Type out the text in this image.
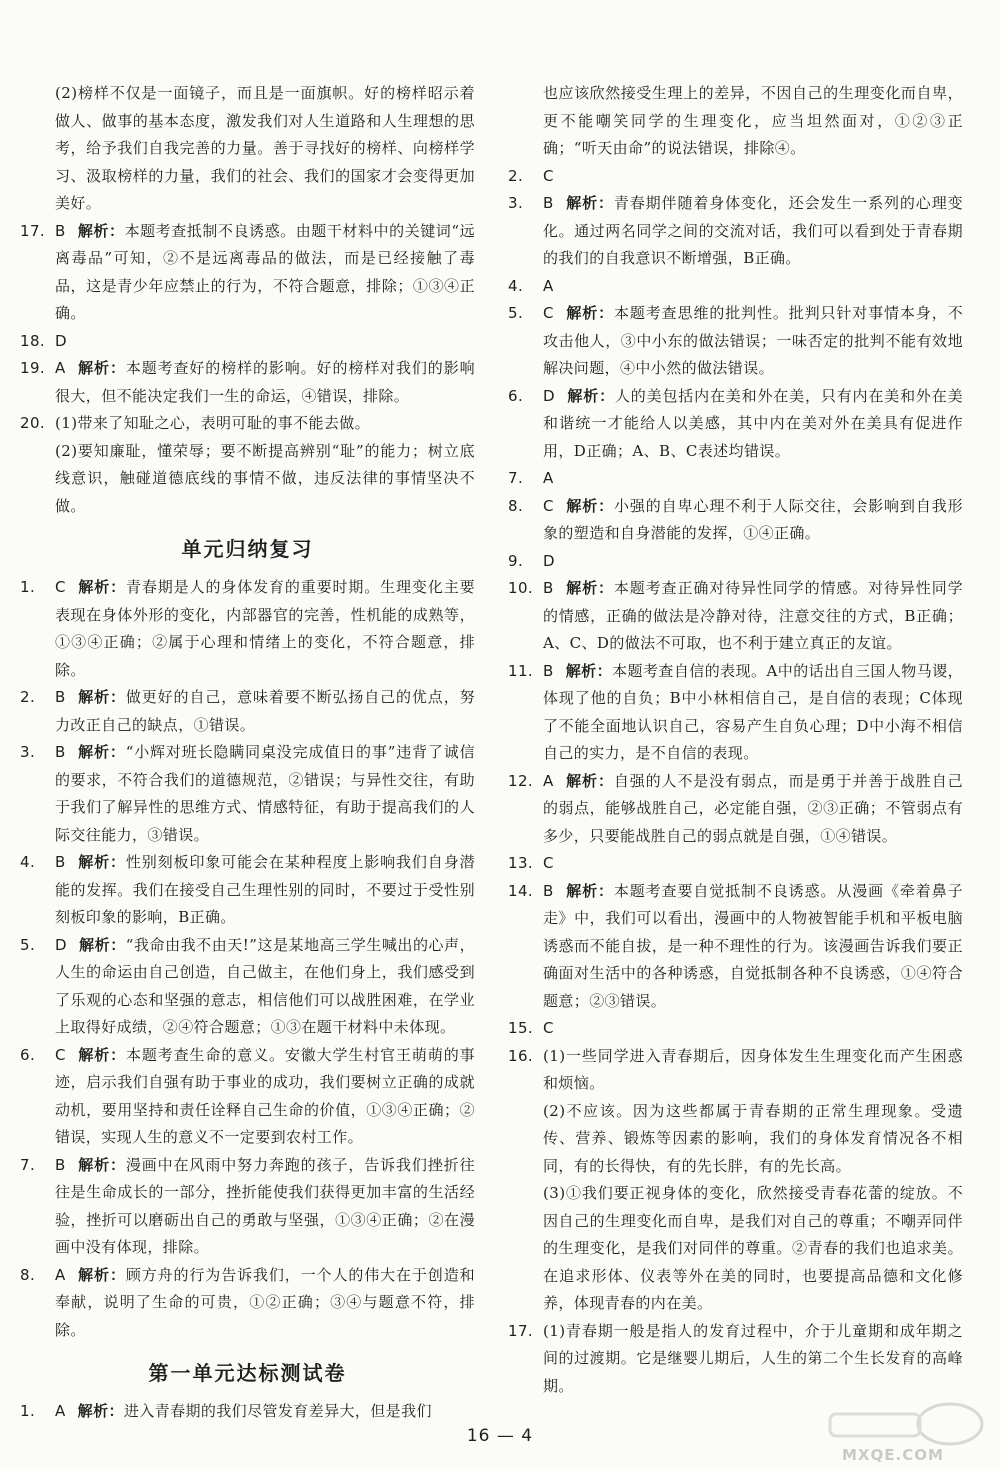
(2)榜样不仅是一面镜子，而且是一面旗帜。好的榜样昭示着做人、做事的基本态度，激发我们对人生道路和人生理想的思考，给予我们自我完善的力量。善于寻找好的榜样、向榜样学习、汲取榜样的力量，我们的社会、我们的国家才会变得更加美好。

17. B 解析：本题考查抵制不良诱惑。由题干材料中的关键词“远离毒品”可知，②不是远离毒品的做法，而是已经接触了毒品，这是青少年应禁止的行为，不符合题意，排除；①③④正确。

18. D

19. A 解析：本题考查好的榜样的影响。好的榜样对我们的影响很大，但不能决定我们一生的命运，④错误，排除。

20. (1)带来了知耻之心，表明可耻的事不能去做。

(2)要知廉耻，懂荣辱；要不断提高辨别“耻”的能力；树立底线意识，触碰道德底线的事情不做，违反法律的事情坚决不做。

单元归纳复习

1. C 解析：青春期是人的身体发育的重要时期。生理变化主要表现在身体外形的变化，内部器官的完善，性机能的成熟等，①③④正确；②属于心理和情绪上的变化，不符合题意，排除。

2. B 解析：做更好的自己，意味着要不断弘扬自己的优点，努力改正自己的缺点，①错误。

3. B 解析：“小辉对班长隐瞒同桌没完成值日的事”违背了诚信的要求，不符合我们的道德规范，②错误；与异性交往，有助于我们了解异性的思维方式、情感特征，有助于提高我们的人际交往能力，③错误。

4. B 解析：性别刻板印象可能会在某种程度上影响我们自身潜能的发挥。我们在接受自己生理性别的同时，不要过于受性别刻板印象的影响，B正确。

5. D 解析：“我命由我不由天!”这是某地高三学生喊出的心声，人生的命运由自己创造，自己做主，在他们身上，我们感受到了乐观的心态和坚强的意志，相信他们可以战胜困难，在学业上取得好成绩，②④符合题意；①③在题干材料中未体现。

6. C 解析：本题考查生命的意义。安徽大学生村官王萌萌的事迹，启示我们自强有助于事业的成功，我们要树立正确的成就动机，要用坚持和责任诠释自己生命的价值，①③④正确；②错误，实现人生的意义不一定要到农村工作。

7. B 解析：漫画中在风雨中努力奔跑的孩子，告诉我们挫折往往是生命成长的一部分，挫折能使我们获得更加丰富的生活经验，挫折可以磨砺出自己的勇敢与坚强，①③④正确；②在漫画中没有体现，排除。

8. A 解析：顾方舟的行为告诉我们，一个人的伟大在于创造和奉献，说明了生命的可贵，①②正确；③④与题意不符，排除。

第一单元达标测试卷

1. A 解析：进入青春期的我们尽管发育差异大，但是我们

也应该欣然接受生理上的差异，不因自己的生理变化而自卑，更不能嘲笑同学的生理变化，应当坦然面对，①②③正确；“听天由命”的说法错误，排除④。

2. C

3. B 解析：青春期伴随着身体变化，还会发生一系列的心理变化。通过两名同学之间的交流对话，我们可以看到处于青春期的我们的自我意识不断增强，B正确。

4. A

5. C 解析：本题考查思维的批判性。批判只针对事情本身，不攻击他人，③中小东的做法错误；一味否定的批判不能有效地解决问题，④中小然的做法错误。

6. D 解析：人的美包括内在美和外在美，只有内在美和外在美和谐统一才能给人以美感，其中内在美对外在美具有促进作用，D正确；A、B、C表述均错误。

7. A

8. C 解析：小强的自卑心理不利于人际交往，会影响到自我形象的塑造和自身潜能的发挥，①④正确。

9. D

10. B 解析：本题考查正确对待异性同学的情感。对待异性同学的情感，正确的做法是冷静对待，注意交往的方式，B正确；A、C、D的做法不可取，也不利于建立真正的友谊。

11. B 解析：本题考查自信的表现。A中的话出自三国人物马谡，体现了他的自负；B中小林相信自己，是自信的表现；C体现了不能全面地认识自己，容易产生自负心理；D中小海不相信自己的实力，是不自信的表现。

12. A 解析：自强的人不是没有弱点，而是勇于并善于战胜自己的弱点，能够战胜自己，必定能自强，②③正确；不管弱点有多少，只要能战胜自己的弱点就是自强，①④错误。

13. C

14. B 解析：本题考查要自觉抵制不良诱惑。从漫画《牵着鼻子走》中，我们可以看出，漫画中的人物被智能手机和平板电脑诱惑而不能自拔，是一种不理性的行为。该漫画告诉我们要正确面对生活中的各种诱惑，自觉抵制各种不良诱惑，①④符合题意；②③错误。

15. C

16. (1)一些同学进入青春期后，因身体发生生理变化而产生困惑和烦恼。

(2)不应该。因为这些都属于青春期的正常生理现象。受遗传、营养、锻炼等因素的影响，我们的身体发育情况各不相同，有的长得快，有的先长胖，有的先长高。

(3)①我们要正视身体的变化，欣然接受青春花蕾的绽放。不因自己的生理变化而自卑，是我们对自己的尊重；不嘲弄同伴的生理变化，是我们对同伴的尊重。②青春的我们也追求美。在追求形体、仪表等外在美的同时，也要提高品德和文化修养，体现青春的内在美。

17. (1)青春期一般是指人的发育过程中，介于儿童期和成年期之间的过渡期。它是继婴儿期后，人生的第二个生长发育的高峰期。

16 — 4
MXQE.COM
